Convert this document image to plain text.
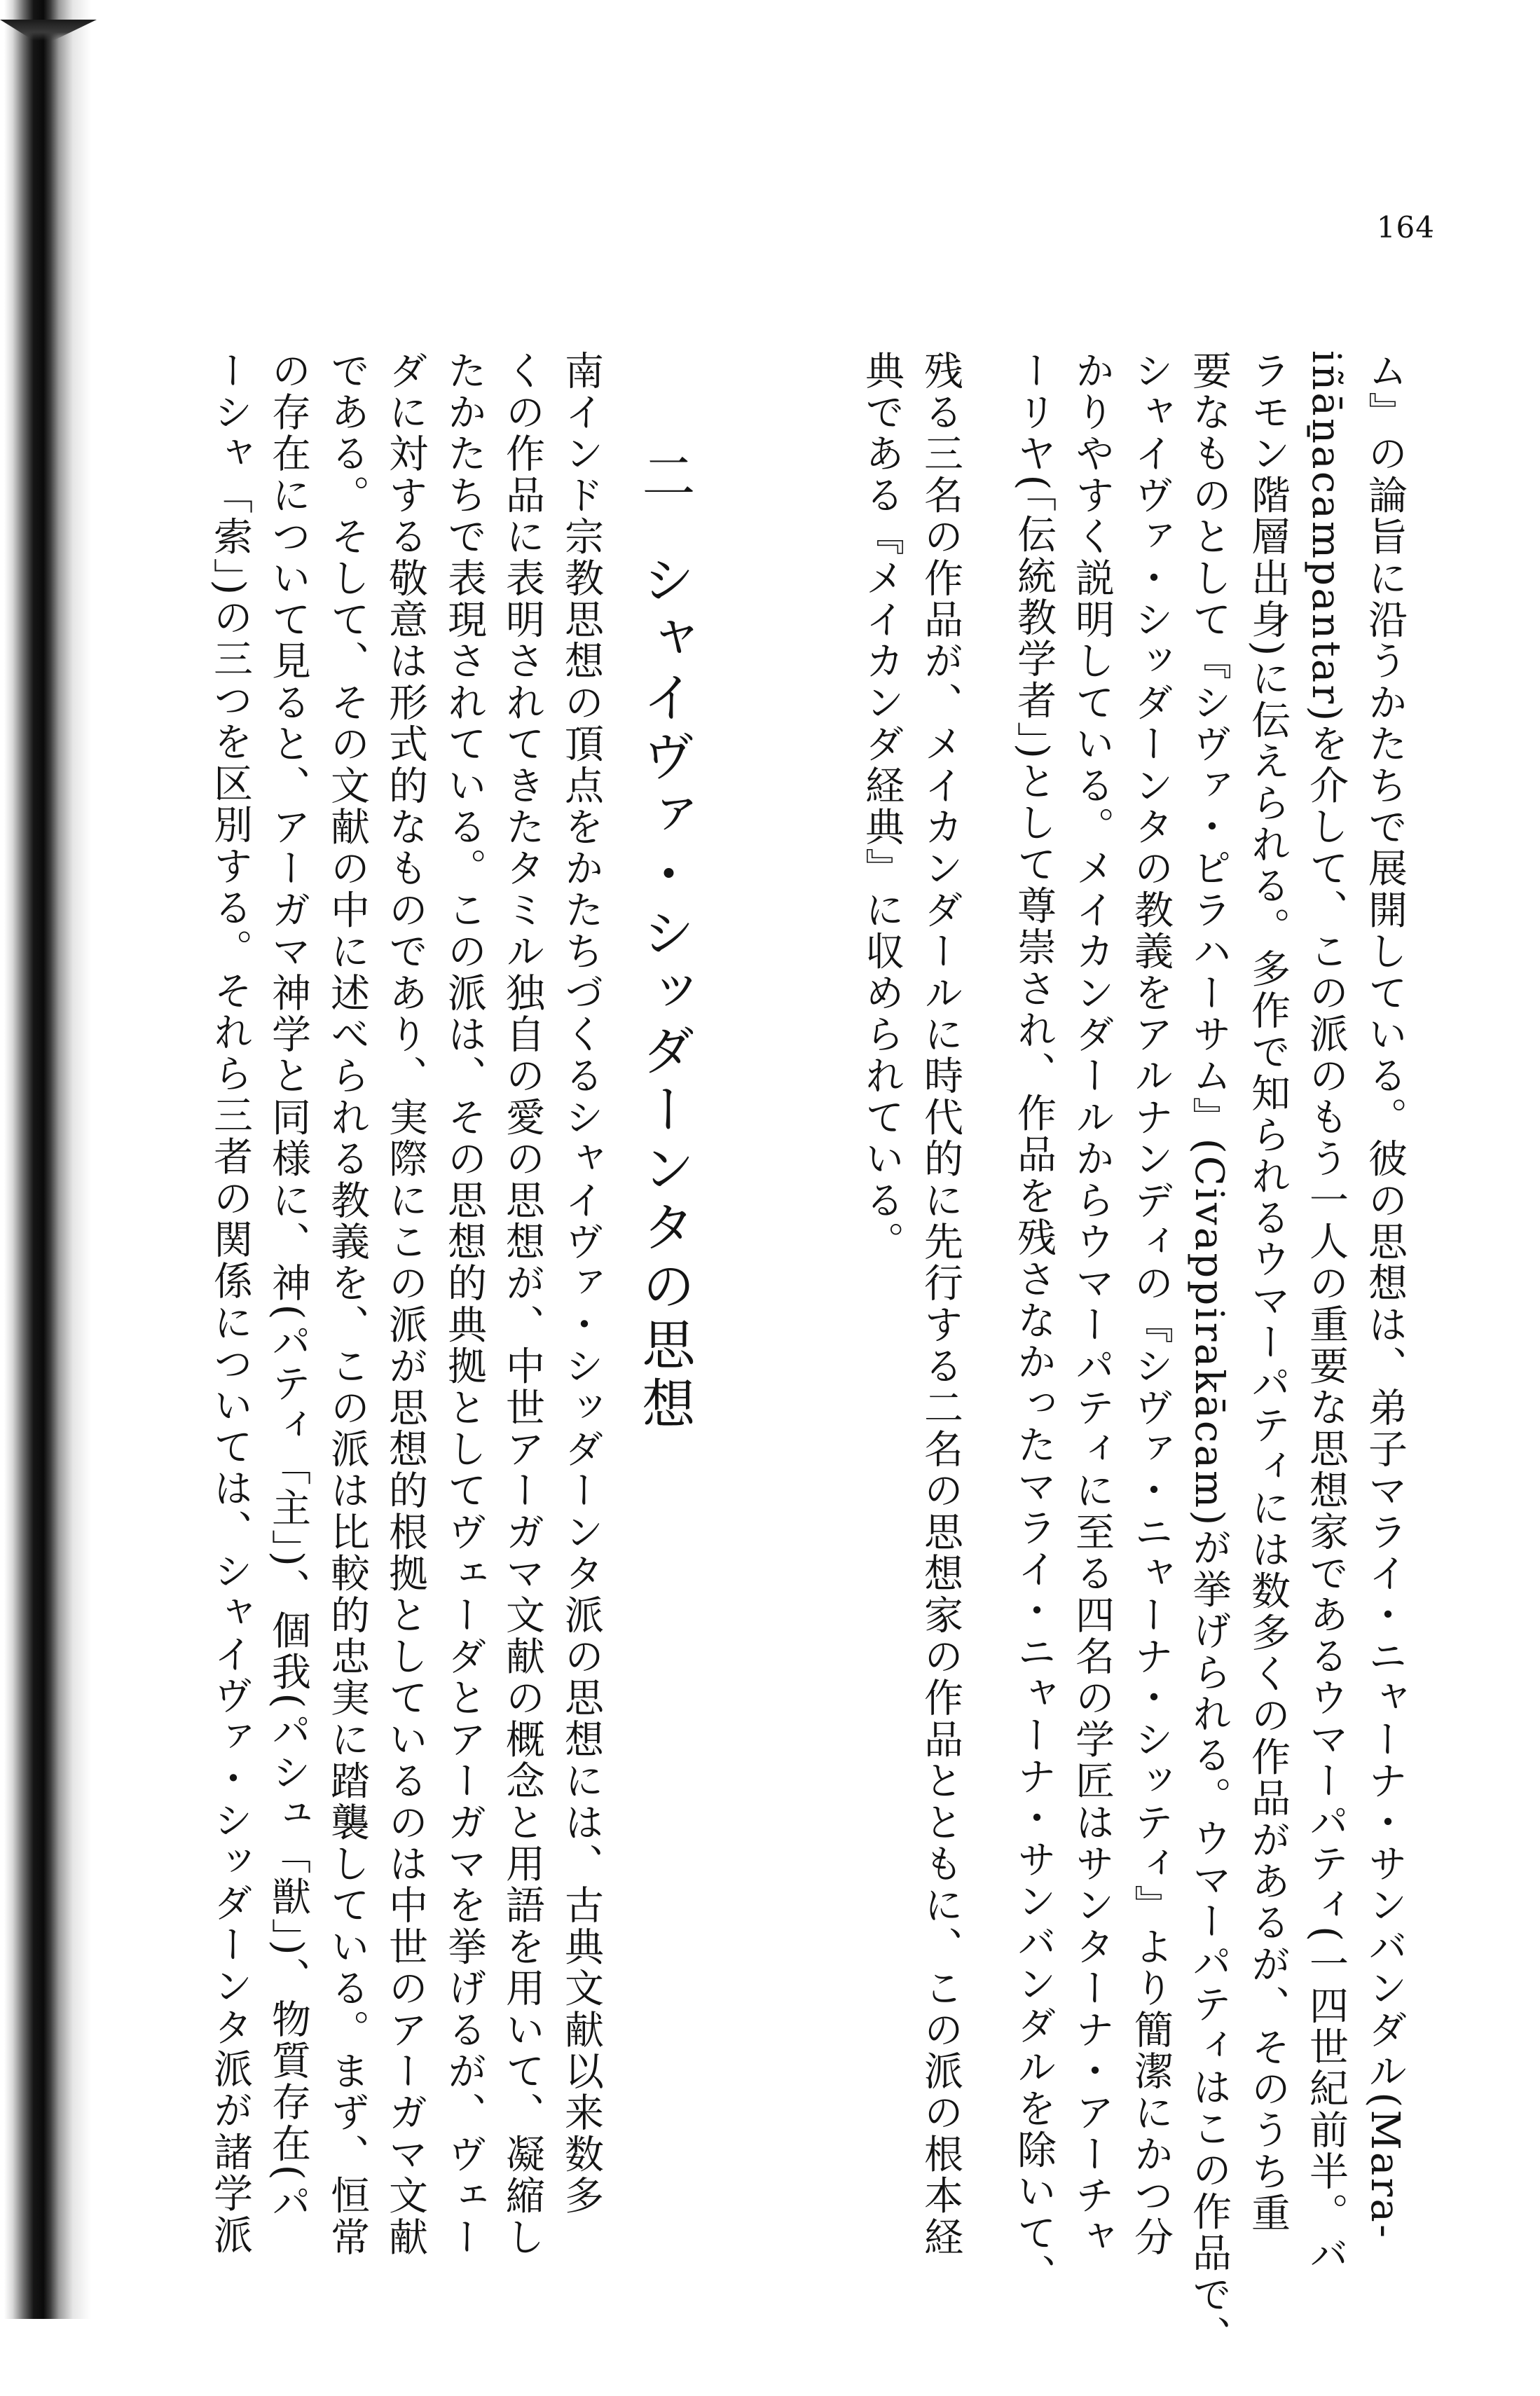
164
ム』の論旨に沿うかたちで展開している。彼の思想は、弟子マライ・ニャーナ・サンバンダル(Mara-
iñāṉacampantar)を介して、この派のもう一人の重要な思想家であるウマーパティ(一四世紀前半。バ
ラモン階層出身)に伝えられる。多作で知られるウマーパティには数多くの作品があるが、そのうち重
要なものとして『シヴァ・ピラハーサム』(Civappirakācam)が挙げられる。ウマーパティはこの作品で、
シャイヴァ・シッダーンタの教義をアルナンディの『シヴァ・ニャーナ・シッティ』より簡潔にかつ分
かりやすく説明している。メイカンダールからウマーパティに至る四名の学匠はサンターナ・アーチャ
ーリヤ(「伝統教学者」)として尊崇され、作品を残さなかったマライ・ニャーナ・サンバンダルを除いて、
残る三名の作品が、メイカンダールに時代的に先行する二名の思想家の作品とともに、この派の根本経
典である『メイカンダ経典』に収められている。
二シャイヴァ・シッダーンタの思想
南インド宗教思想の頂点をかたちづくるシャイヴァ・シッダーンタ派の思想には、古典文献以来数多
くの作品に表明されてきたタミル独自の愛の思想が、中世アーガマ文献の概念と用語を用いて、凝縮し
たかたちで表現されている。この派は、その思想的典拠としてヴェーダとアーガマを挙げるが、ヴェー
ダに対する敬意は形式的なものであり、実際にこの派が思想的根拠としているのは中世のアーガマ文献
である。そして、その文献の中に述べられる教義を、この派は比較的忠実に踏襲している。まず、恒常
の存在について見ると、アーガマ神学と同様に、神(パティ「主」)、個我(パシュ「獣」)、物質存在(パ
ーシャ「索」)の三つを区別する。それら三者の関係については、シャイヴァ・シッダーンタ派が諸学派
